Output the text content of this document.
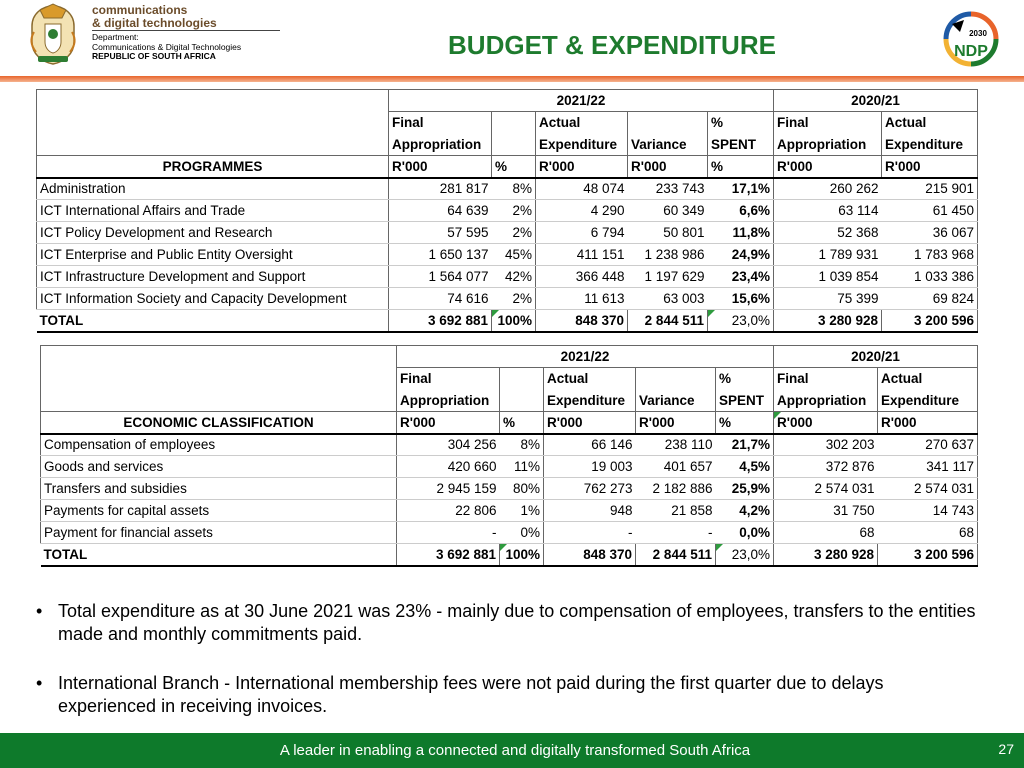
communications
& digital technologies
Department:
Communications & Digital Technologies
REPUBLIC OF SOUTH AFRICA	BUDGET & EXPENDITURE	2030
NDP
	2021/22					2020/21	
	Final		Actual		%	Final	Actual
	Appropriation		Expenditure	Variance	SPENT	Appropriation	Expenditure
PROGRAMMES	R'000	%	R'000	R'000	%	R'000	R'000
Administration	281 817	8%	48 074	233 743	17,1%	260 262	215 901
ICT International Affairs and Trade	64 639	2%	4 290	60 349	6,6%	63 114	61 450
ICT Policy Development and Research	57 595	2%	6 794	50 801	11,8%	52 368	36 067
ICT Enterprise and Public Entity Oversight	1 650 137	45%	411 151	1 238 986	24,9%	1 789 931	1 783 968
ICT Infrastructure Development and Support	1 564 077	42%	366 448	1 197 629	23,4%	1 039 854	1 033 386
ICT Information Society and Capacity Development	74 616	2%	11 613	63 003	15,6%	75 399	69 824
TOTAL	3 692 881	100%	848 370	2 844 511	23,0%	3 280 928	3 200 596
	2021/22					2020/21	
	Final		Actual		%	Final	Actual
	Appropriation		Expenditure	Variance	SPENT	Appropriation	Expenditure
ECONOMIC CLASSIFICATION	R'000	%	R'000	R'000	%	R'000	R'000
Compensation of employees	304 256	8%	66 146	238 110	21,7%	302 203	270 637
Goods and services	420 660	11%	19 003	401 657	4,5%	372 876	341 117
Transfers and subsidies	2 945 159	80%	762 273	2 182 886	25,9%	2 574 031	2 574 031
Payments for capital assets	22 806	1%	948	21 858	4,2%	31 750	14 743
Payment for financial assets	-	0%	-	-	0,0%	68	68
TOTAL	3 692 881	100%	848 370	2 844 511	23,0%	3 280 928	3 200 596
• Total expenditure as at 30 June 2021 was 23% - mainly due to compensation of employees, transfers to the entities made and monthly commitments paid.
• International Branch - International membership fees were not paid during the first quarter due to delays experienced in receiving invoices.
A leader in enabling a connected and digitally transformed South Africa	27
